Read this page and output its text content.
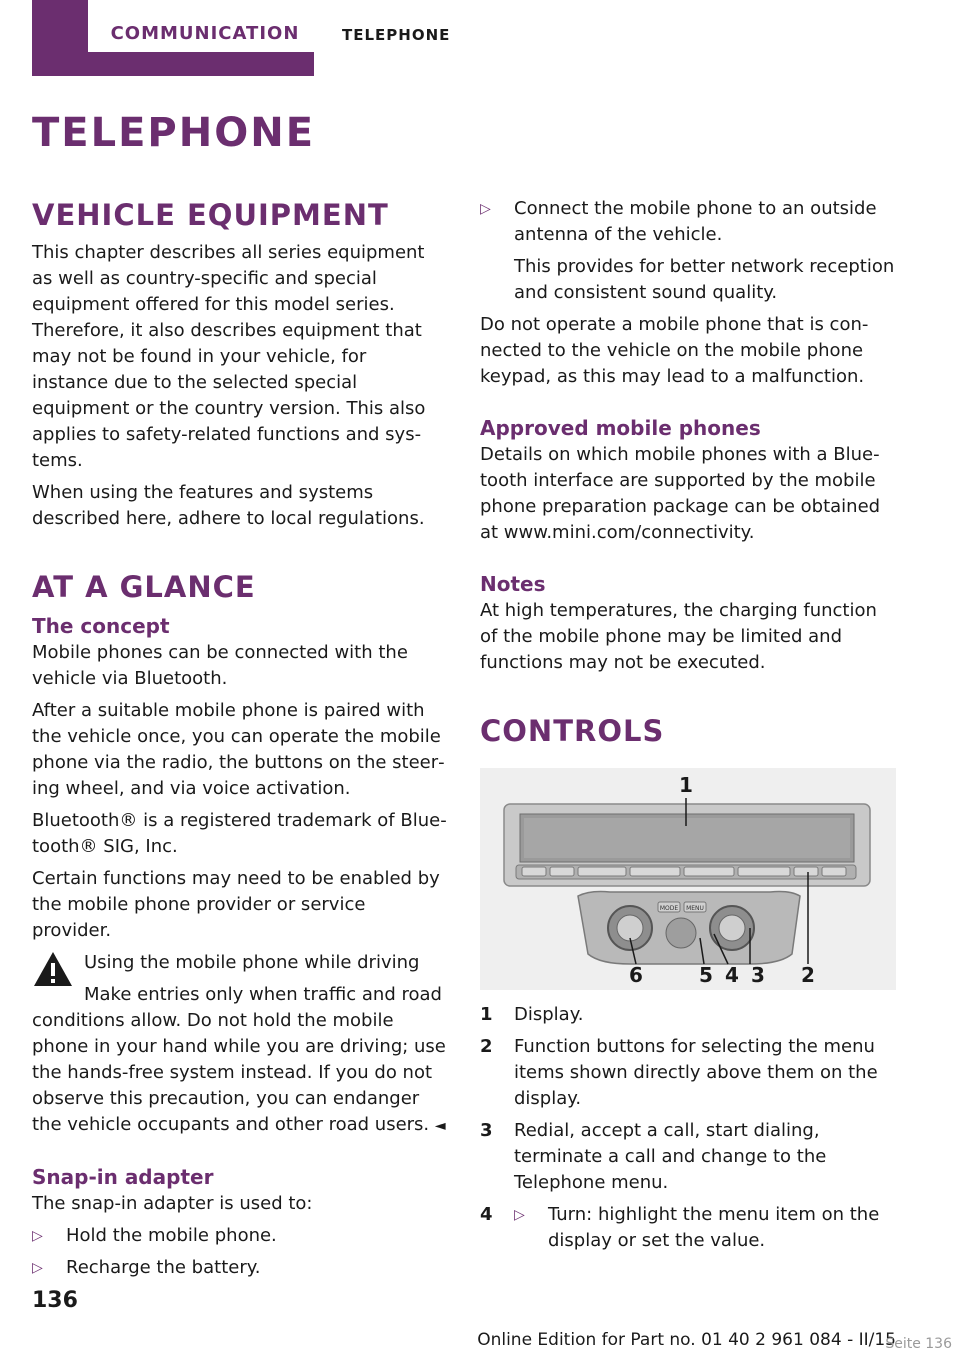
COMMUNICATION	TELEPHONE
TELEPHONE
VEHICLE EQUIPMENT

This chapter describes all series equipment as well as country-specific and special equipment offered for this model series. Therefore, it also describes equipment that may not be found in your vehicle, for instance due to the selected special equipment or the country version. This also applies to safety-related functions and systems.

When using the features and systems described here, adhere to local regulations.

AT A GLANCE
The concept

Mobile phones can be connected with the vehicle via Bluetooth.

After a suitable mobile phone is paired with the vehicle once, you can operate the mobile phone via the radio, the buttons on the steering wheel, and via voice activation.

Bluetooth® is a registered trademark of Bluetooth® SIG, Inc.

Certain functions may need to be enabled by the mobile phone provider or service provider.

Using the mobile phone while driving

Make entries only when traffic and road conditions allow. Do not hold the mobile phone in your hand while you are driving; use the hands-free system instead. If you do not observe this precaution, you can endanger the vehicle occupants and other road users. ◄

Snap-in adapter

The snap-in adapter is used to:

▷ Hold the mobile phone.
▷ Recharge the battery.
▷ Connect the mobile phone to an outside antenna of the vehicle.

This provides for better network reception and consistent sound quality.

Do not operate a mobile phone that is connected to the vehicle on the mobile phone keypad, as this may lead to a malfunction.

Approved mobile phones

Details on which mobile phones with a Bluetooth interface are supported by the mobile phone preparation package can be obtained at www.mini.com/connectivity.

Notes

At high temperatures, the charging function of the mobile phone may be limited and functions may not be executed.

CONTROLS
MODE MENU
1
2
3
4
5
6
1 Display.
2 Function buttons for selecting the menu items shown directly above them on the display.
3 Redial, accept a call, start dialing, terminate a call and change to the Telephone menu.
4 ▷ Turn: highlight the menu item on the display or set the value.
136
Online Edition for Part no. 01 40 2 961 084 - II/15
Seite 136
